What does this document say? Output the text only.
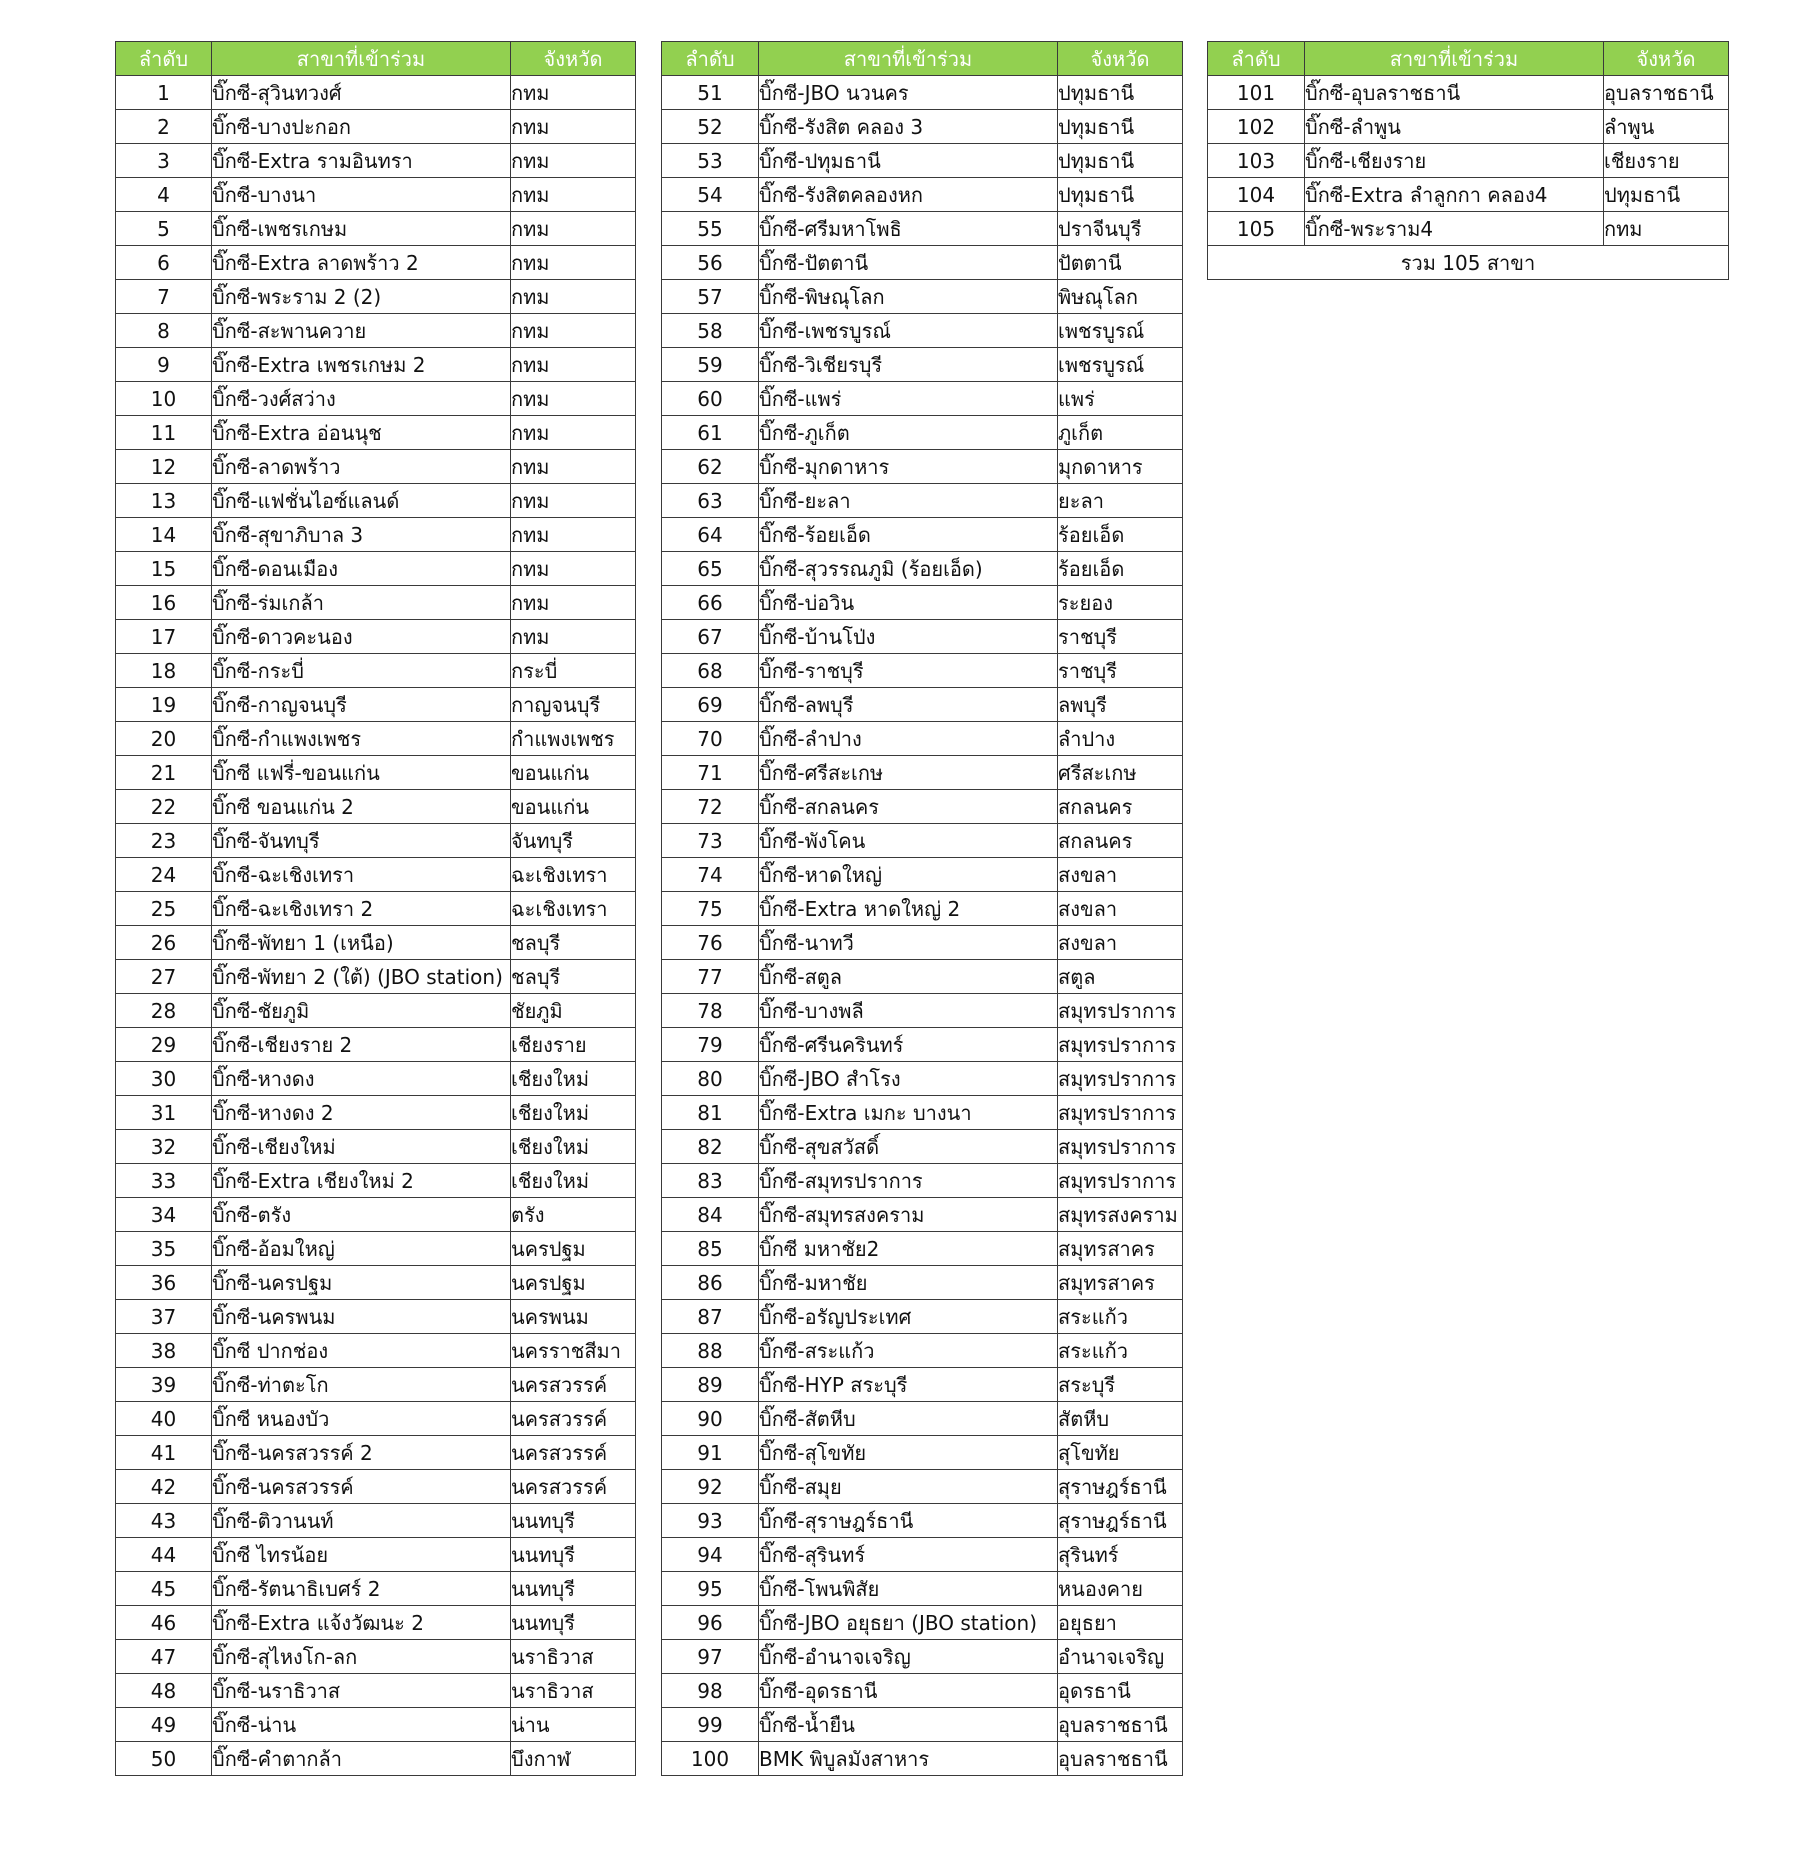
ลำดับ	สาขาที่เข้าร่วม	จังหวัด
1	บิ๊กซี-สุวินทวงศ์	กทม
2	บิ๊กซี-บางปะกอก	กทม
3	บิ๊กซี-Extra รามอินทรา	กทม
4	บิ๊กซี-บางนา	กทม
5	บิ๊กซี-เพชรเกษม	กทม
6	บิ๊กซี-Extra ลาดพร้าว 2	กทม
7	บิ๊กซี-พระราม 2 (2)	กทม
8	บิ๊กซี-สะพานควาย	กทม
9	บิ๊กซี-Extra เพชรเกษม 2	กทม
10	บิ๊กซี-วงศ์สว่าง	กทม
11	บิ๊กซี-Extra อ่อนนุช	กทม
12	บิ๊กซี-ลาดพร้าว	กทม
13	บิ๊กซี-แฟชั่นไอซ์แลนด์	กทม
14	บิ๊กซี-สุขาภิบาล 3	กทม
15	บิ๊กซี-ดอนเมือง	กทม
16	บิ๊กซี-ร่มเกล้า	กทม
17	บิ๊กซี-ดาวคะนอง	กทม
18	บิ๊กซี-กระบี่	กระบี่
19	บิ๊กซี-กาญจนบุรี	กาญจนบุรี
20	บิ๊กซี-กำแพงเพชร	กำแพงเพชร
21	บิ๊กซี แฟรี่-ขอนแก่น	ขอนแก่น
22	บิ๊กซี ขอนแก่น 2	ขอนแก่น
23	บิ๊กซี-จันทบุรี	จันทบุรี
24	บิ๊กซี-ฉะเชิงเทรา	ฉะเชิงเทรา
25	บิ๊กซี-ฉะเชิงเทรา 2	ฉะเชิงเทรา
26	บิ๊กซี-พัทยา 1 (เหนือ)	ชลบุรี
27	บิ๊กซี-พัทยา 2 (ใต้) (JBO station)	ชลบุรี
28	บิ๊กซี-ชัยภูมิ	ชัยภูมิ
29	บิ๊กซี-เชียงราย 2	เชียงราย
30	บิ๊กซี-หางดง	เชียงใหม่
31	บิ๊กซี-หางดง 2	เชียงใหม่
32	บิ๊กซี-เชียงใหม่	เชียงใหม่
33	บิ๊กซี-Extra เชียงใหม่ 2	เชียงใหม่
34	บิ๊กซี-ตรัง	ตรัง
35	บิ๊กซี-อ้อมใหญ่	นครปฐม
36	บิ๊กซี-นครปฐม	นครปฐม
37	บิ๊กซี-นครพนม	นครพนม
38	บิ๊กซี ปากช่อง	นครราชสีมา
39	บิ๊กซี-ท่าตะโก	นครสวรรค์
40	บิ๊กซี หนองบัว	นครสวรรค์
41	บิ๊กซี-นครสวรรค์ 2	นครสวรรค์
42	บิ๊กซี-นครสวรรค์	นครสวรรค์
43	บิ๊กซี-ติวานนท์	นนทบุรี
44	บิ๊กซี ไทรน้อย	นนทบุรี
45	บิ๊กซี-รัตนาธิเบศร์ 2	นนทบุรี
46	บิ๊กซี-Extra แจ้งวัฒนะ 2	นนทบุรี
47	บิ๊กซี-สุไหงโก-ลก	นราธิวาส
48	บิ๊กซี-นราธิวาส	นราธิวาส
49	บิ๊กซี-น่าน	น่าน
50	บิ๊กซี-คำตากล้า	บึงกาฬ
ลำดับ	สาขาที่เข้าร่วม	จังหวัด
51	บิ๊กซี-JBO นวนคร	ปทุมธานี
52	บิ๊กซี-รังสิต คลอง 3	ปทุมธานี
53	บิ๊กซี-ปทุมธานี	ปทุมธานี
54	บิ๊กซี-รังสิตคลองหก	ปทุมธานี
55	บิ๊กซี-ศรีมหาโพธิ	ปราจีนบุรี
56	บิ๊กซี-ปัตตานี	ปัตตานี
57	บิ๊กซี-พิษณุโลก	พิษณุโลก
58	บิ๊กซี-เพชรบูรณ์	เพชรบูรณ์
59	บิ๊กซี-วิเชียรบุรี	เพชรบูรณ์
60	บิ๊กซี-แพร่	แพร่
61	บิ๊กซี-ภูเก็ต	ภูเก็ต
62	บิ๊กซี-มุกดาหาร	มุกดาหาร
63	บิ๊กซี-ยะลา	ยะลา
64	บิ๊กซี-ร้อยเอ็ด	ร้อยเอ็ด
65	บิ๊กซี-สุวรรณภูมิ (ร้อยเอ็ด)	ร้อยเอ็ด
66	บิ๊กซี-บ่อวิน	ระยอง
67	บิ๊กซี-บ้านโป่ง	ราชบุรี
68	บิ๊กซี-ราชบุรี	ราชบุรี
69	บิ๊กซี-ลพบุรี	ลพบุรี
70	บิ๊กซี-ลำปาง	ลำปาง
71	บิ๊กซี-ศรีสะเกษ	ศรีสะเกษ
72	บิ๊กซี-สกลนคร	สกลนคร
73	บิ๊กซี-พังโคน	สกลนคร
74	บิ๊กซี-หาดใหญ่	สงขลา
75	บิ๊กซี-Extra หาดใหญ่ 2	สงขลา
76	บิ๊กซี-นาทวี	สงขลา
77	บิ๊กซี-สตูล	สตูล
78	บิ๊กซี-บางพลี	สมุทรปราการ
79	บิ๊กซี-ศรีนครินทร์	สมุทรปราการ
80	บิ๊กซี-JBO สำโรง	สมุทรปราการ
81	บิ๊กซี-Extra เมกะ บางนา	สมุทรปราการ
82	บิ๊กซี-สุขสวัสดิ์	สมุทรปราการ
83	บิ๊กซี-สมุทรปราการ	สมุทรปราการ
84	บิ๊กซี-สมุทรสงคราม	สมุทรสงคราม
85	บิ๊กซี มหาชัย2	สมุทรสาคร
86	บิ๊กซี-มหาชัย	สมุทรสาคร
87	บิ๊กซี-อรัญประเทศ	สระแก้ว
88	บิ๊กซี-สระแก้ว	สระแก้ว
89	บิ๊กซี-HYP สระบุรี	สระบุรี
90	บิ๊กซี-สัตหีบ	สัตหีบ
91	บิ๊กซี-สุโขทัย	สุโขทัย
92	บิ๊กซี-สมุย	สุราษฎร์ธานี
93	บิ๊กซี-สุราษฎร์ธานี	สุราษฎร์ธานี
94	บิ๊กซี-สุรินทร์	สุรินทร์
95	บิ๊กซี-โพนพิสัย	หนองคาย
96	บิ๊กซี-JBO อยุธยา (JBO station)	อยุธยา
97	บิ๊กซี-อำนาจเจริญ	อำนาจเจริญ
98	บิ๊กซี-อุดรธานี	อุดรธานี
99	บิ๊กซี-น้ำยืน	อุบลราชธานี
100	BMK พิบูลมังสาหาร	อุบลราชธานี
ลำดับ	สาขาที่เข้าร่วม	จังหวัด
101	บิ๊กซี-อุบลราชธานี	อุบลราชธานี
102	บิ๊กซี-ลำพูน	ลำพูน
103	บิ๊กซี-เชียงราย	เชียงราย
104	บิ๊กซี-Extra ลำลูกกา คลอง4	ปทุมธานี
105	บิ๊กซี-พระราม4	กทม
รวม 105 สาขา		
